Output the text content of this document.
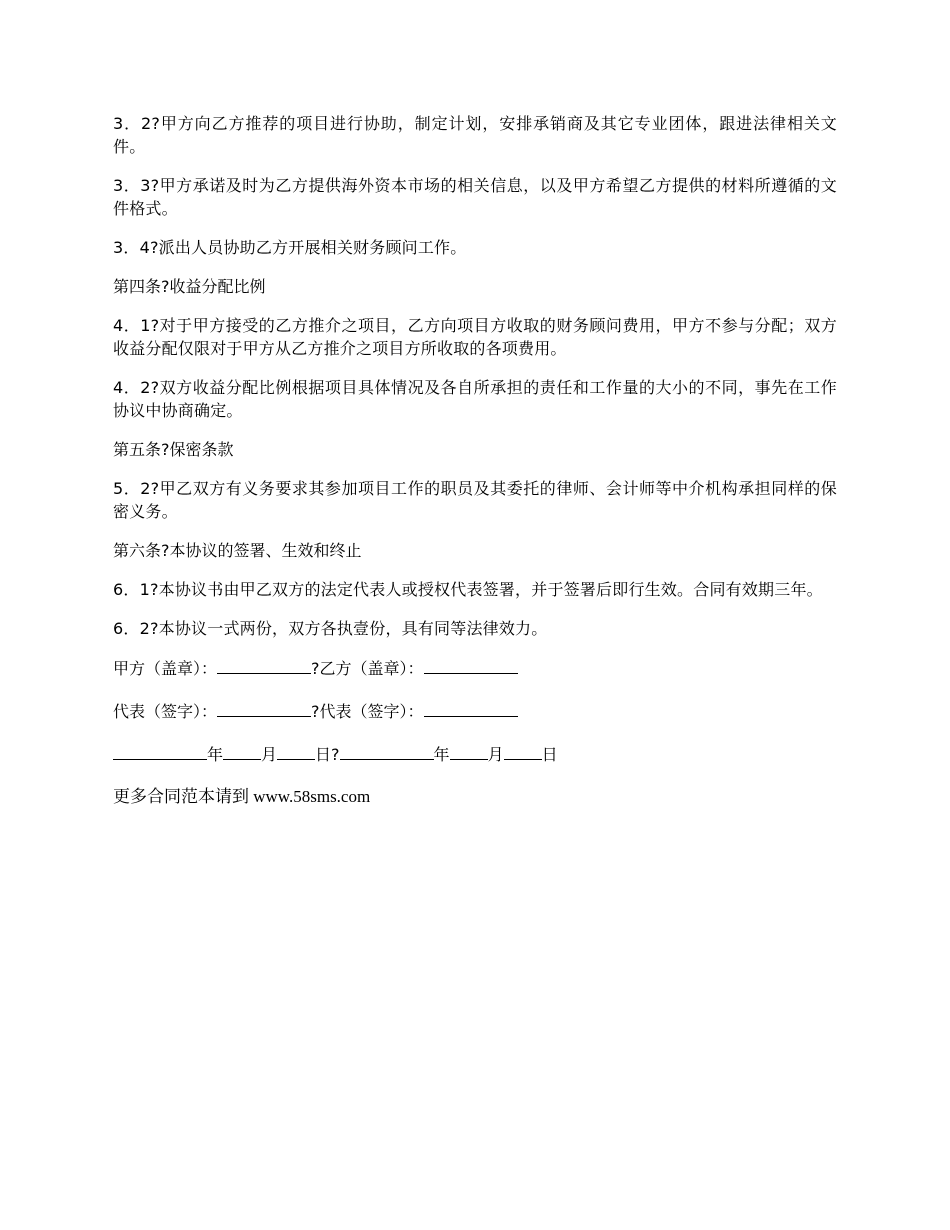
3．2?甲方向乙方推荐的项目进行协助，制定计划，安排承销商及其它专业团体，跟进法律相关文件。

3．3?甲方承诺及时为乙方提供海外资本市场的相关信息，以及甲方希望乙方提供的材料所遵循的文件格式。

3．4?派出人员协助乙方开展相关财务顾问工作。

第四条?收益分配比例

4．1?对于甲方接受的乙方推介之项目，乙方向项目方收取的财务顾问费用，甲方不参与分配；双方收益分配仅限对于甲方从乙方推介之项目方所收取的各项费用。

4．2?双方收益分配比例根据项目具体情况及各自所承担的责任和工作量的大小的不同，事先在工作协议中协商确定。

第五条?保密条款

5．2?甲乙双方有义务要求其参加项目工作的职员及其委托的律师、会计师等中介机构承担同样的保密义务。

第六条?本协议的签署、生效和终止

6．1?本协议书由甲乙双方的法定代表人或授权代表签署，并于签署后即行生效。合同有效期三年。

6．2?本协议一式两份，双方各执壹份，具有同等法律效力。

甲方（盖章）：	?乙方（盖章）：
代表（签字）：	?代表（签字）：
年 月 日?	年 月 日
更多合同范本请到 www.58sms.com
